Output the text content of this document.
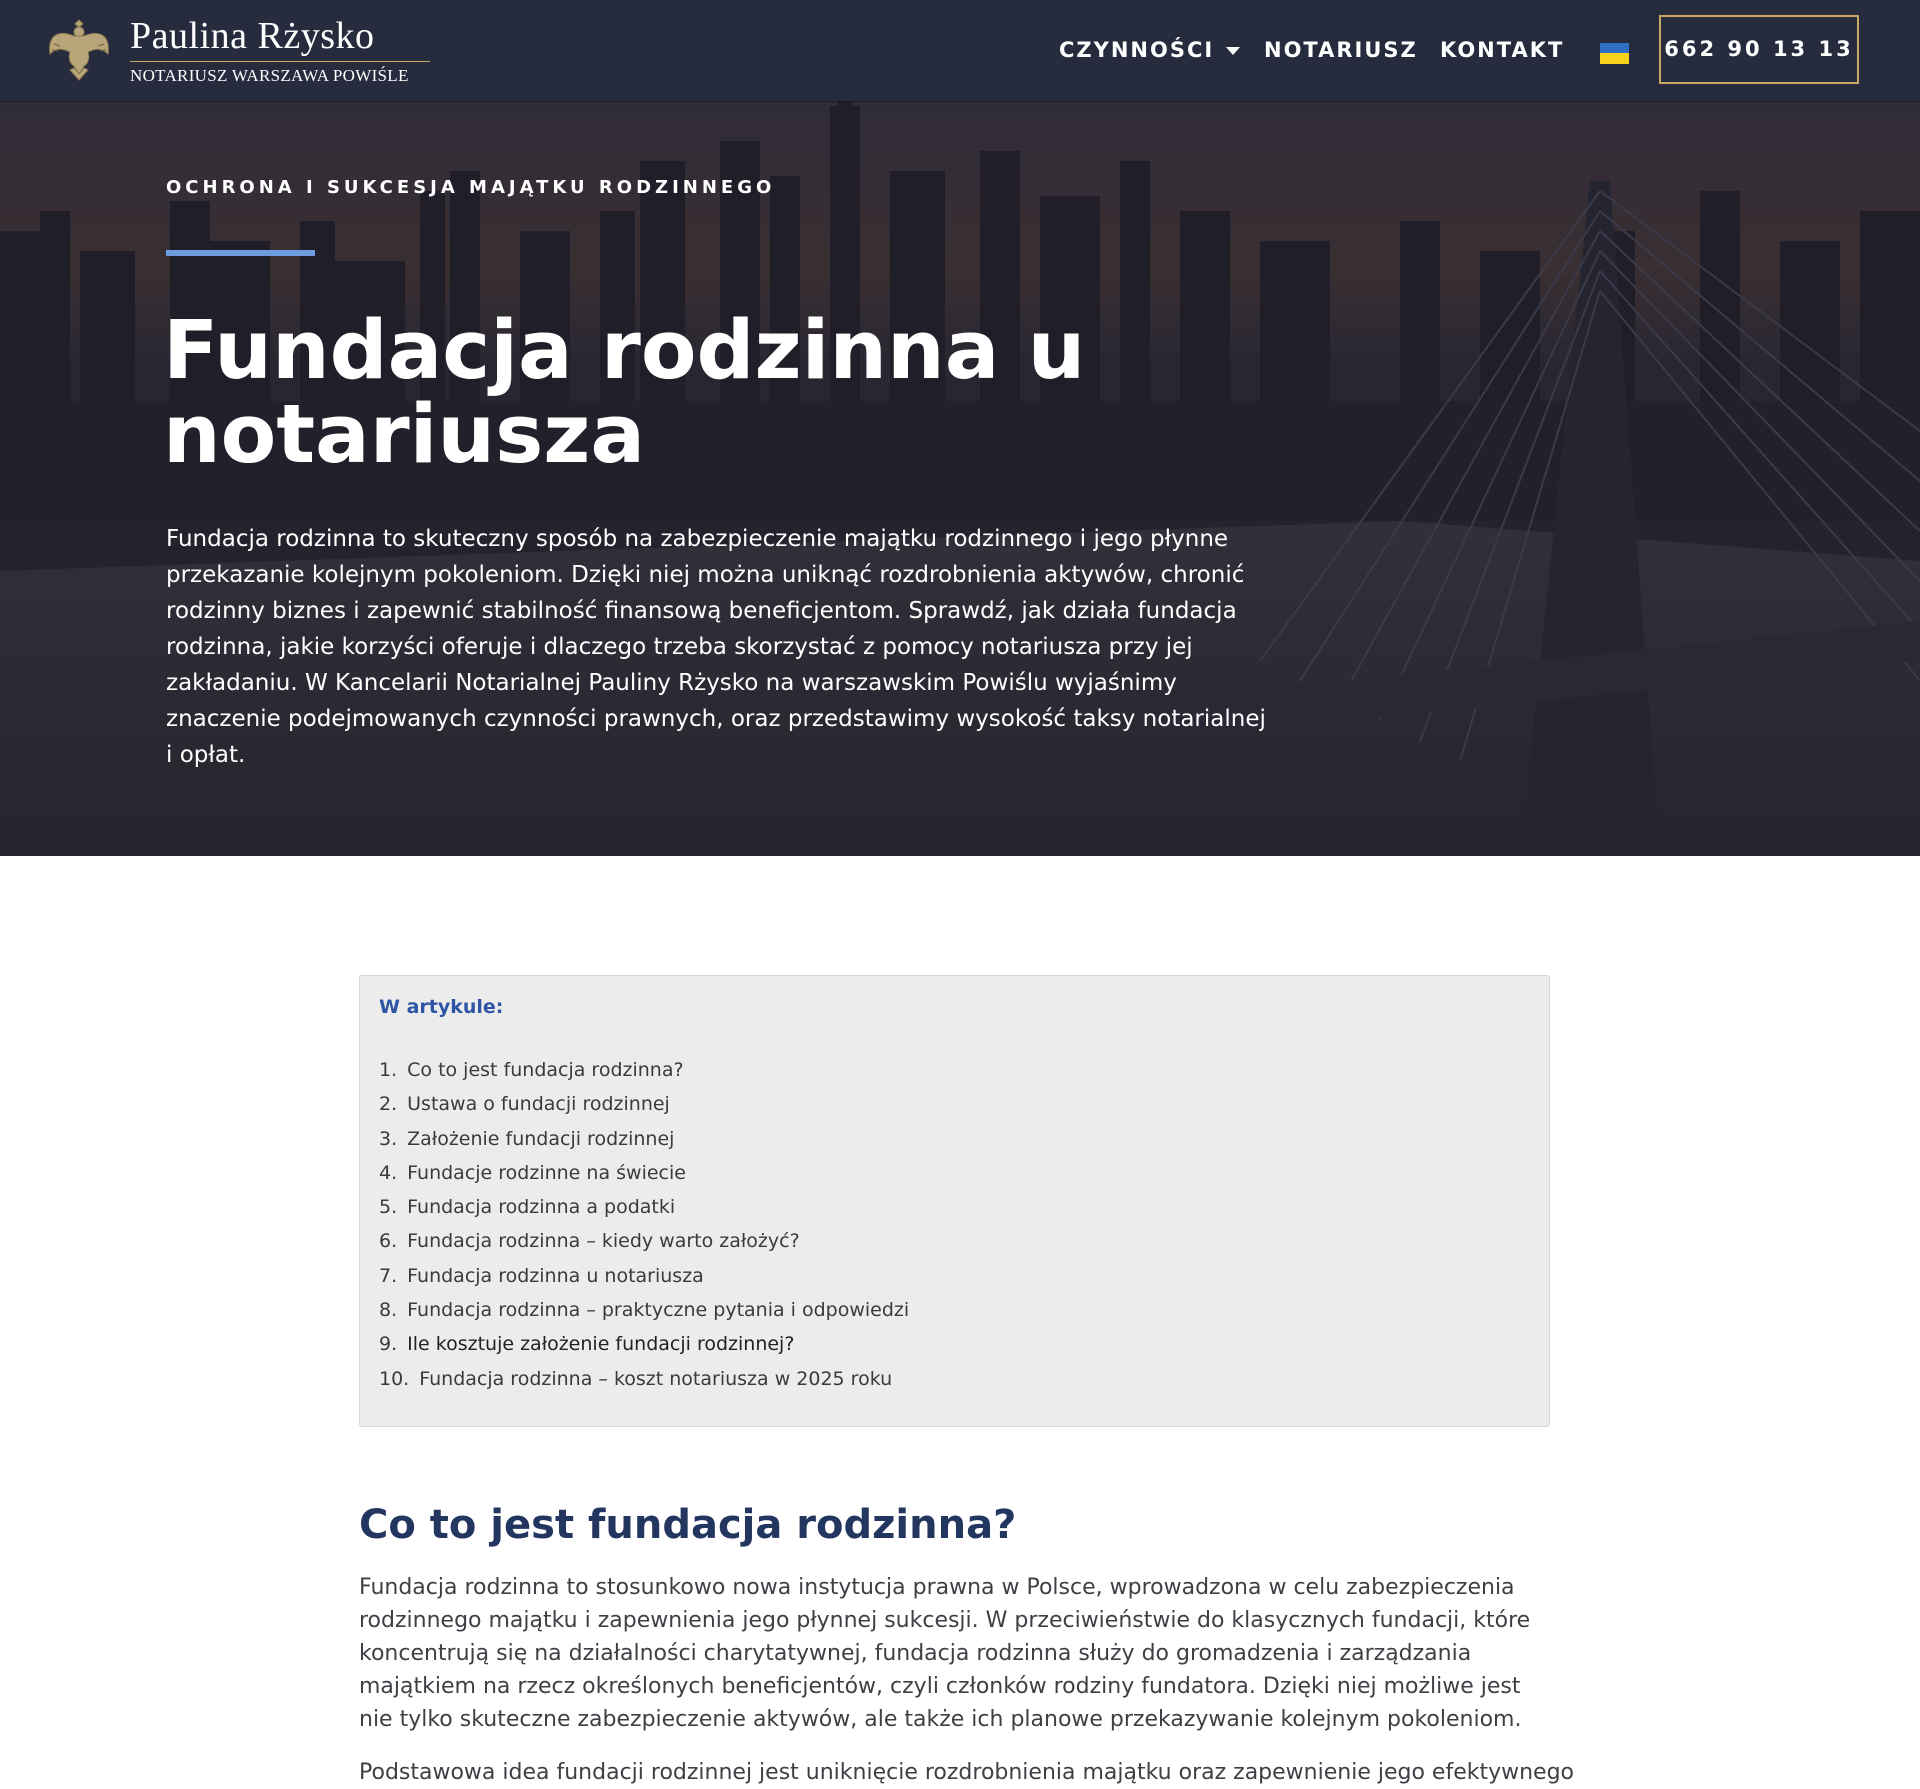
Paulina Rżysko
NOTARIUSZ WARSZAWA POWIŚLE
CZYNNOŚCI	NOTARIUSZ KONTAKT	662 90 13 13
OCHRONA I SUKCESJA MAJĄTKU RODZINNEGO
Fundacja rodzinna u notariusza

Fundacja rodzinna to skuteczny sposób na zabezpieczenie majątku rodzinnego i jego płynne przekazanie kolejnym pokoleniom. Dzięki niej można uniknąć rozdrobnienia aktywów, chronić rodzinny biznes i zapewnić stabilność finansową beneficjentom. Sprawdź, jak działa fundacja rodzinna, jakie korzyści oferuje i dlaczego trzeba skorzystać z pomocy notariusza przy jej zakładaniu. W Kancelarii Notarialnej Pauliny Rżysko na warszawskim Powiślu wyjaśnimy znaczenie podejmowanych czynności prawnych, oraz przedstawimy wysokość taksy notarialnej i opłat.

W artykule:
1. Co to jest fundacja rodzinna?
2. Ustawa o fundacji rodzinnej
3. Założenie fundacji rodzinnej
4. Fundacje rodzinne na świecie
5. Fundacja rodzinna a podatki
6. Fundacja rodzinna – kiedy warto założyć?
7. Fundacja rodzinna u notariusza
8. Fundacja rodzinna – praktyczne pytania i odpowiedzi
9. Ile kosztuje założenie fundacji rodzinnej?
10. Fundacja rodzinna – koszt notariusza w 2025 roku
Co to jest fundacja rodzinna?

Fundacja rodzinna to stosunkowo nowa instytucja prawna w Polsce, wprowadzona w celu zabezpieczenia rodzinnego majątku i zapewnienia jego płynnej sukcesji. W przeciwieństwie do klasycznych fundacji, które koncentrują się na działalności charytatywnej, fundacja rodzinna służy do gromadzenia i zarządzania majątkiem na rzecz określonych beneficjentów, czyli członków rodziny fundatora. Dzięki niej możliwe jest nie tylko skuteczne zabezpieczenie aktywów, ale także ich planowe przekazywanie kolejnym pokoleniom.

Podstawowa idea fundacji rodzinnej jest uniknięcie rozdrobnienia majątku oraz zapewnienie jego efektywnego
